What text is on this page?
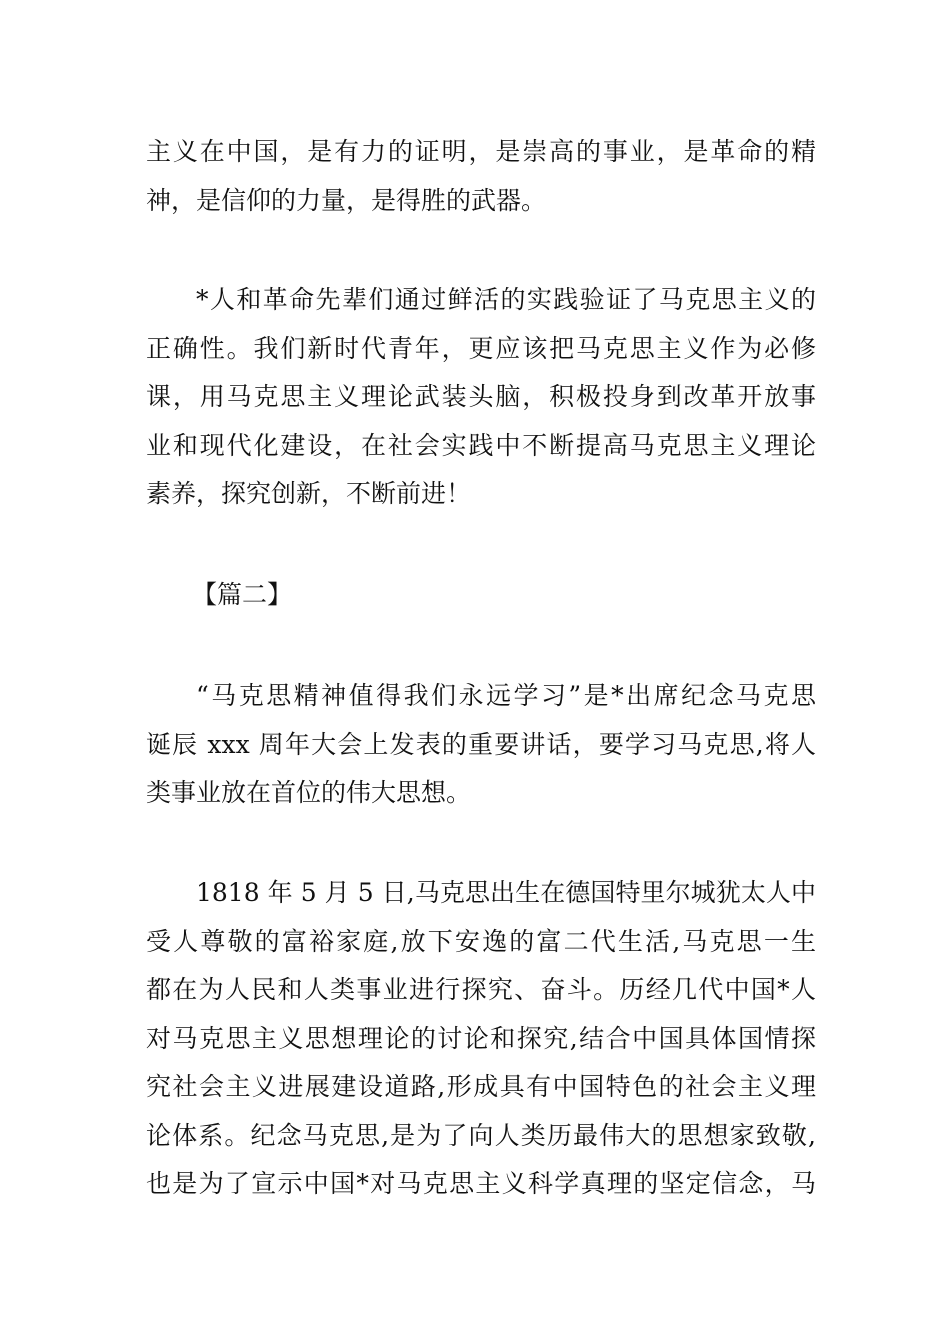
主义在中国，是有力的证明，是崇高的事业，是革命的精
神，是信仰的力量，是得胜的武器。
*人和革命先辈们通过鲜活的实践验证了马克思主义的
正确性。我们新时代青年，更应该把马克思主义作为必修
课，用马克思主义理论武装头脑，积极投身到改革开放事
业和现代化建设，在社会实践中不断提高马克思主义理论
素养，探究创新，不断前进！
【篇二】
“马克思精神值得我们永远学习”是*出席纪念马克思
诞辰 xxx 周年大会上发表的重要讲话，要学习马克思,将人
类事业放在首位的伟大思想。
1818 年 5 月 5 日,马克思出生在德国特里尔城犹太人中
受人尊敬的富裕家庭,放下安逸的富二代生活,马克思一生
都在为人民和人类事业进行探究、奋斗。历经几代中国*人
对马克思主义思想理论的讨论和探究,结合中国具体国情探
究社会主义进展建设道路,形成具有中国特色的社会主义理
论体系。纪念马克思,是为了向人类历最伟大的思想家致敬,
也是为了宣示中国*对马克思主义科学真理的坚定信念，马
